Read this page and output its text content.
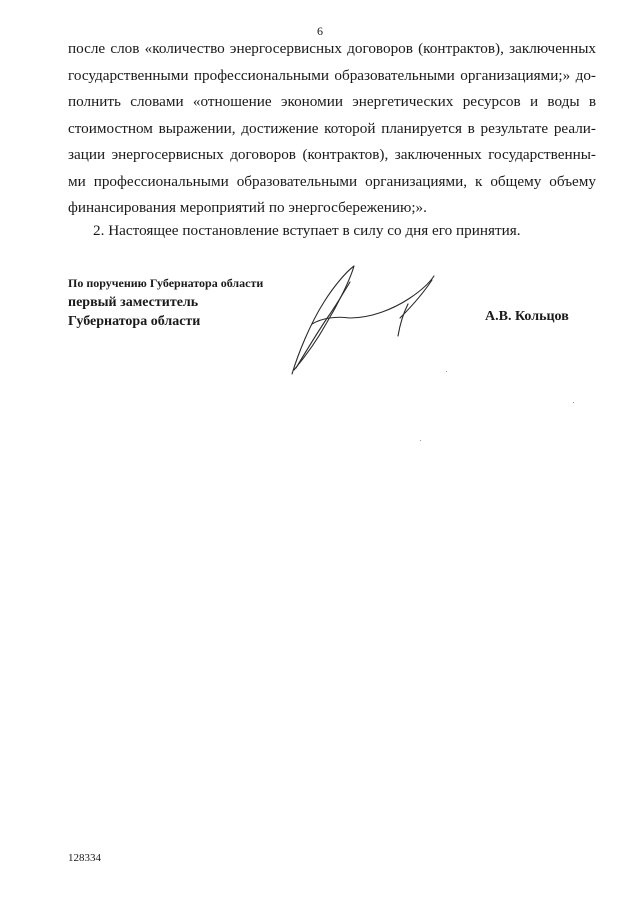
6
после слов «количество энергосервисных договоров (контрактов), заключенных
государственными профессиональными образовательными организациями;» до-
полнить словами «отношение экономии энергетических ресурсов и воды в
стоимостном выражении, достижение которой планируется в результате реали-
зации энергосервисных договоров (контрактов), заключенных государственны-
ми профессиональными образовательными организациями, к общему объему
финансирования мероприятий по энергосбережению;».
2. Настоящее постановление вступает в силу со дня его принятия.
По поручению Губернатора области
первый заместитель
Губернатора области	А.В. Кольцов
128334
